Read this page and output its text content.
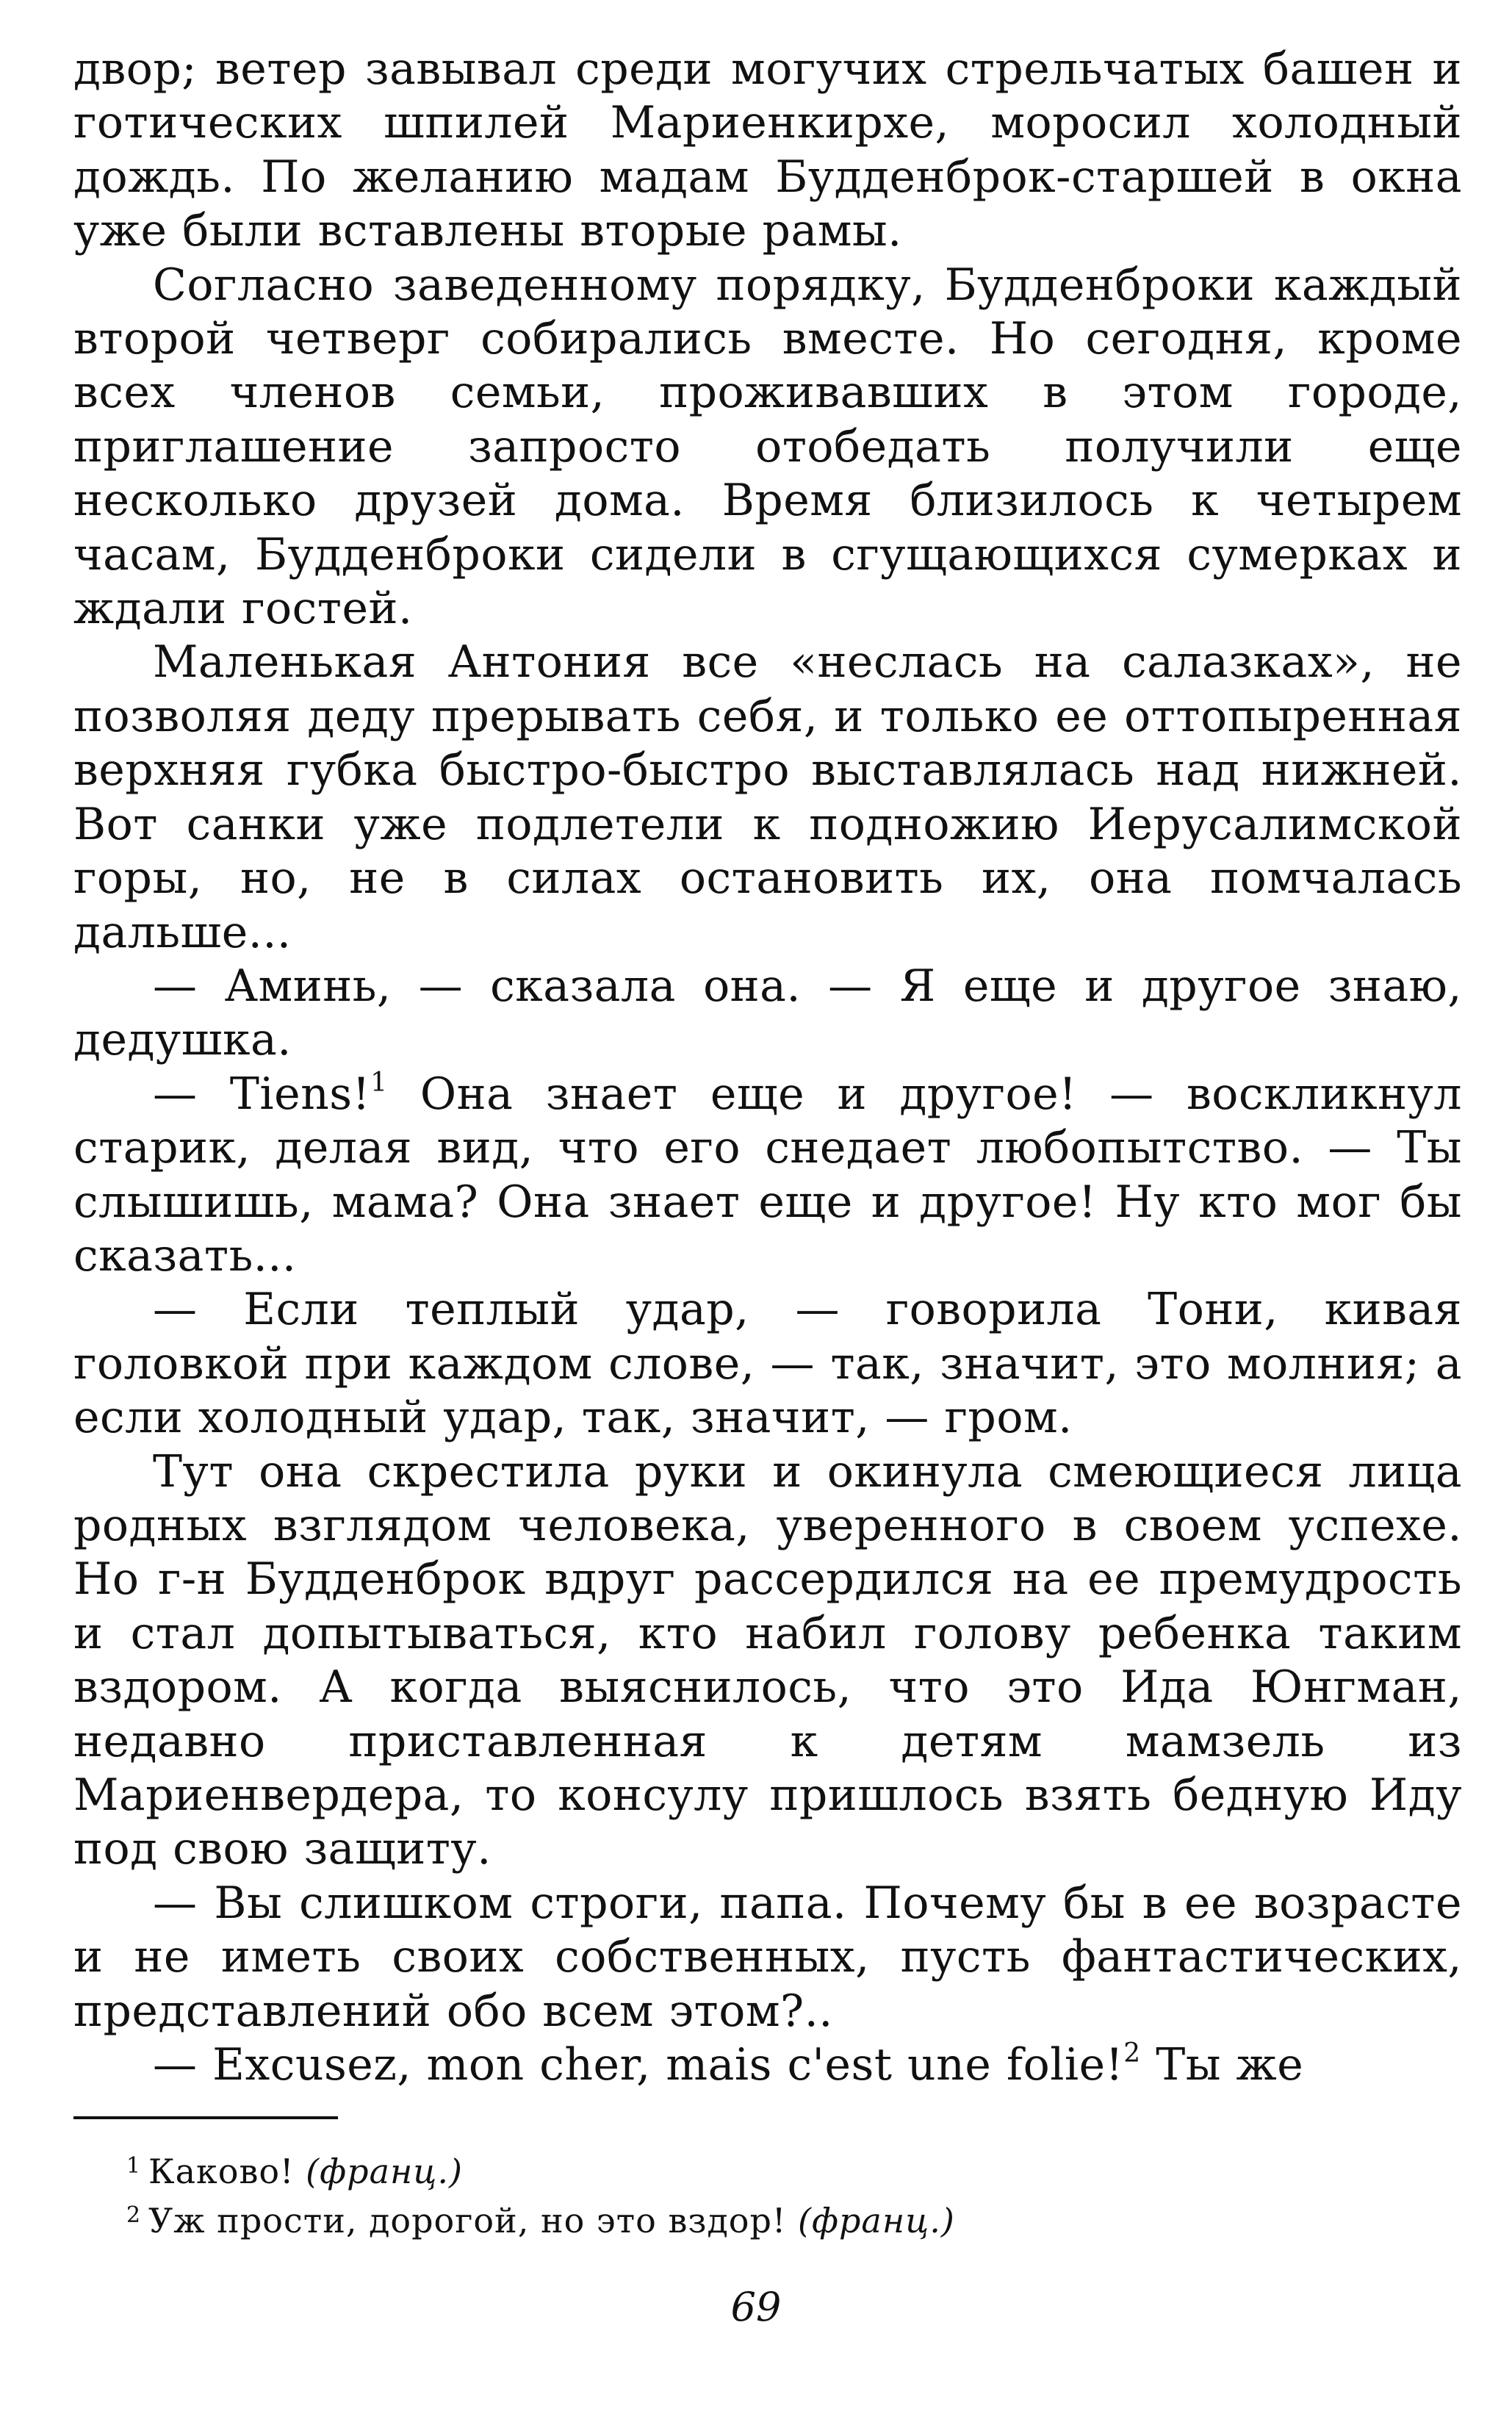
двор; ветер завывал среди могучих стрельчатых башен и готических шпилей Мариенкирхе, моросил холодный дождь. По желанию мадам Будденброк-старшей в окна уже были вставлены вторые рамы.

Согласно заведенному порядку, Будденброки каждый второй четверг собирались вместе. Но сегодня, кроме всех членов семьи, проживавших в этом городе, приглашение запросто отобедать получили еще несколько друзей дома. Время близилось к четырем часам, Будденброки сидели в сгущающихся сумерках и ждали гостей.

Маленькая Антония все «неслась на салазках», не позволяя деду прерывать себя, и только ее оттопыренная верхняя губка быстро-быстро выставлялась над нижней. Вот санки уже подлетели к подножию Иерусалимской горы, но, не в силах остановить их, она помчалась дальше...

— Аминь, — сказала она. — Я еще и другое знаю, дедушка.

— Tiens!$^1$ Она знает еще и другое! — воскликнул старик, делая вид, что его снедает любопытство. — Ты слышишь, мама? Она знает еще и другое! Ну кто мог бы сказать...

— Если теплый удар, — говорила Тони, кивая головкой при каждом слове, — так, значит, это молния; а если холодный удар, так, значит, — гром.

Тут она скрестила руки и окинула смеющиеся лица родных взглядом человека, уверенного в своем успехе. Но г-н Будденброк вдруг рассердился на ее премудрость и стал допытываться, кто набил голову ребенка таким вздором. А когда выяснилось, что это Ида Юнгман, недавно приставленная к детям мамзель из Мариенвердера, то консулу пришлось взять бедную Иду под свою защиту.

— Вы слишком строги, папа. Почему бы в ее возрасте и не иметь своих собственных, пусть фантастических, представлений обо всем этом?..

— Excusez, mon cher, mais c'est une folie!$^2$ Ты же

$^1$ Каково! (франц.)
$^2$ Уж прости, дорогой, но это вздор! (франц.)
69
